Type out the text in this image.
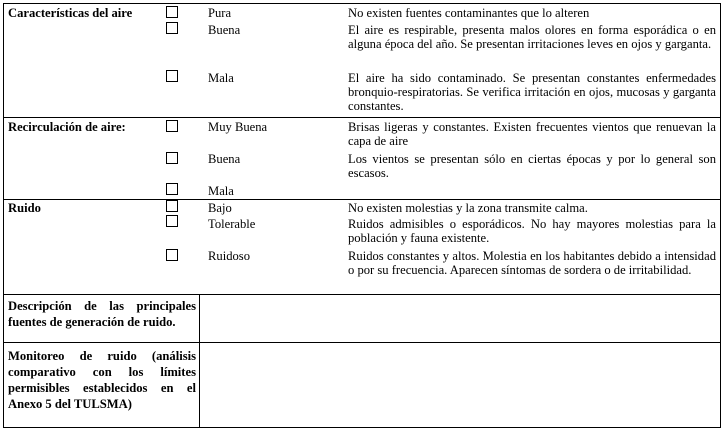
Características del aire	Pura	No existen fuentes contaminantes que lo alteren
Buena	El aire es respirable, presenta malos olores en forma esporádica o en alguna época del año. Se presentan irritaciones leves en ojos y garganta.
Mala	El aire ha sido contaminado. Se presentan constantes enfermedades bronquio-respiratorias. Se verifica irritación en ojos, mucosas y garganta constantes.
Recirculación de aire:	Muy Buena	Brisas ligeras y constantes. Existen frecuentes vientos que renuevan la capa de aire
Buena	Los vientos se presentan sólo en ciertas épocas y por lo general son escasos.
Mala
Ruido	Bajo	No existen molestias y la zona transmite calma.
Tolerable	Ruidos admisibles o esporádicos. No hay mayores molestias para la población y fauna existente.
Ruidoso	Ruidos constantes y altos. Molestia en los habitantes debido a intensidad o por su frecuencia. Aparecen síntomas de sordera o de irritabilidad.
Descripción de las principales fuentes de generación de ruido.
Monitoreo de ruido (análisis comparativo con los límites permisibles establecidos en el Anexo 5 del TULSMA)
